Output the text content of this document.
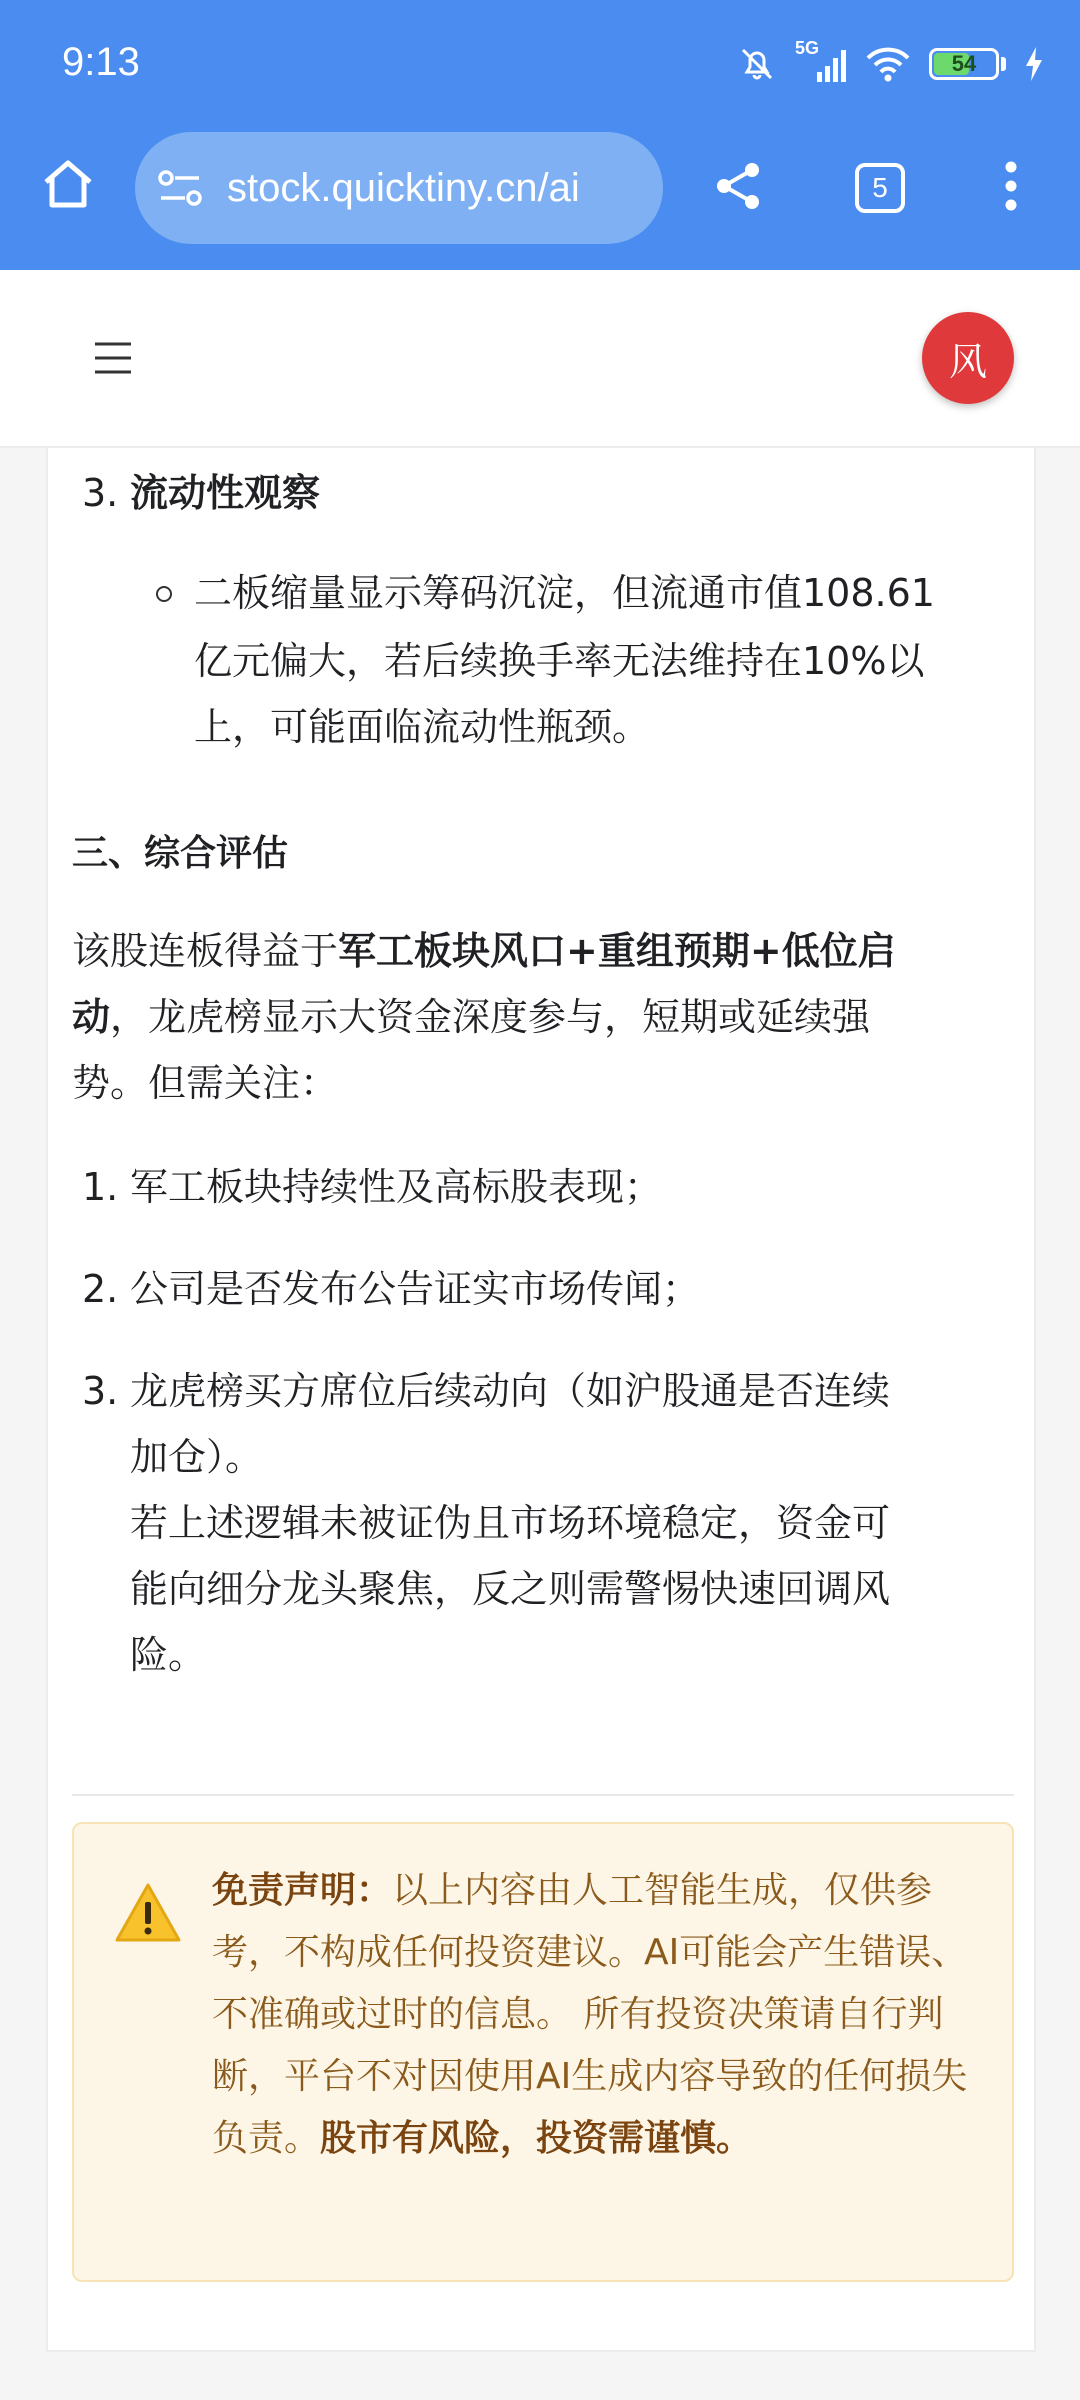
9:13	5G
54
stock.quicktiny.cn/ai	5
风
3. 流动性观察
二板缩量显示筹码沉淀，但流通市值108.61
亿元偏大，若后续换手率无法维持在10%以
上，可能面临流动性瓶颈。
三、综合评估
该股连板得益于军工板块风口+重组预期+低位启
动，龙虎榜显示大资金深度参与，短期或延续强
势。但需关注：
1. 军工板块持续性及高标股表现；
2. 公司是否发布公告证实市场传闻；
3. 龙虎榜买方席位后续动向（如沪股通是否连续
加仓）。
若上述逻辑未被证伪且市场环境稳定，资金可
能向细分龙头聚焦，反之则需警惕快速回调风
险。
免责声明：以上内容由人工智能生成，仅供参考，不构成任何投资建议。AI可能会产生错误、不准确或过时的信息。 所有投资决策请自行判断，平台不对因使用AI生成内容导致的任何损失负责。股市有风险，投资需谨慎。
